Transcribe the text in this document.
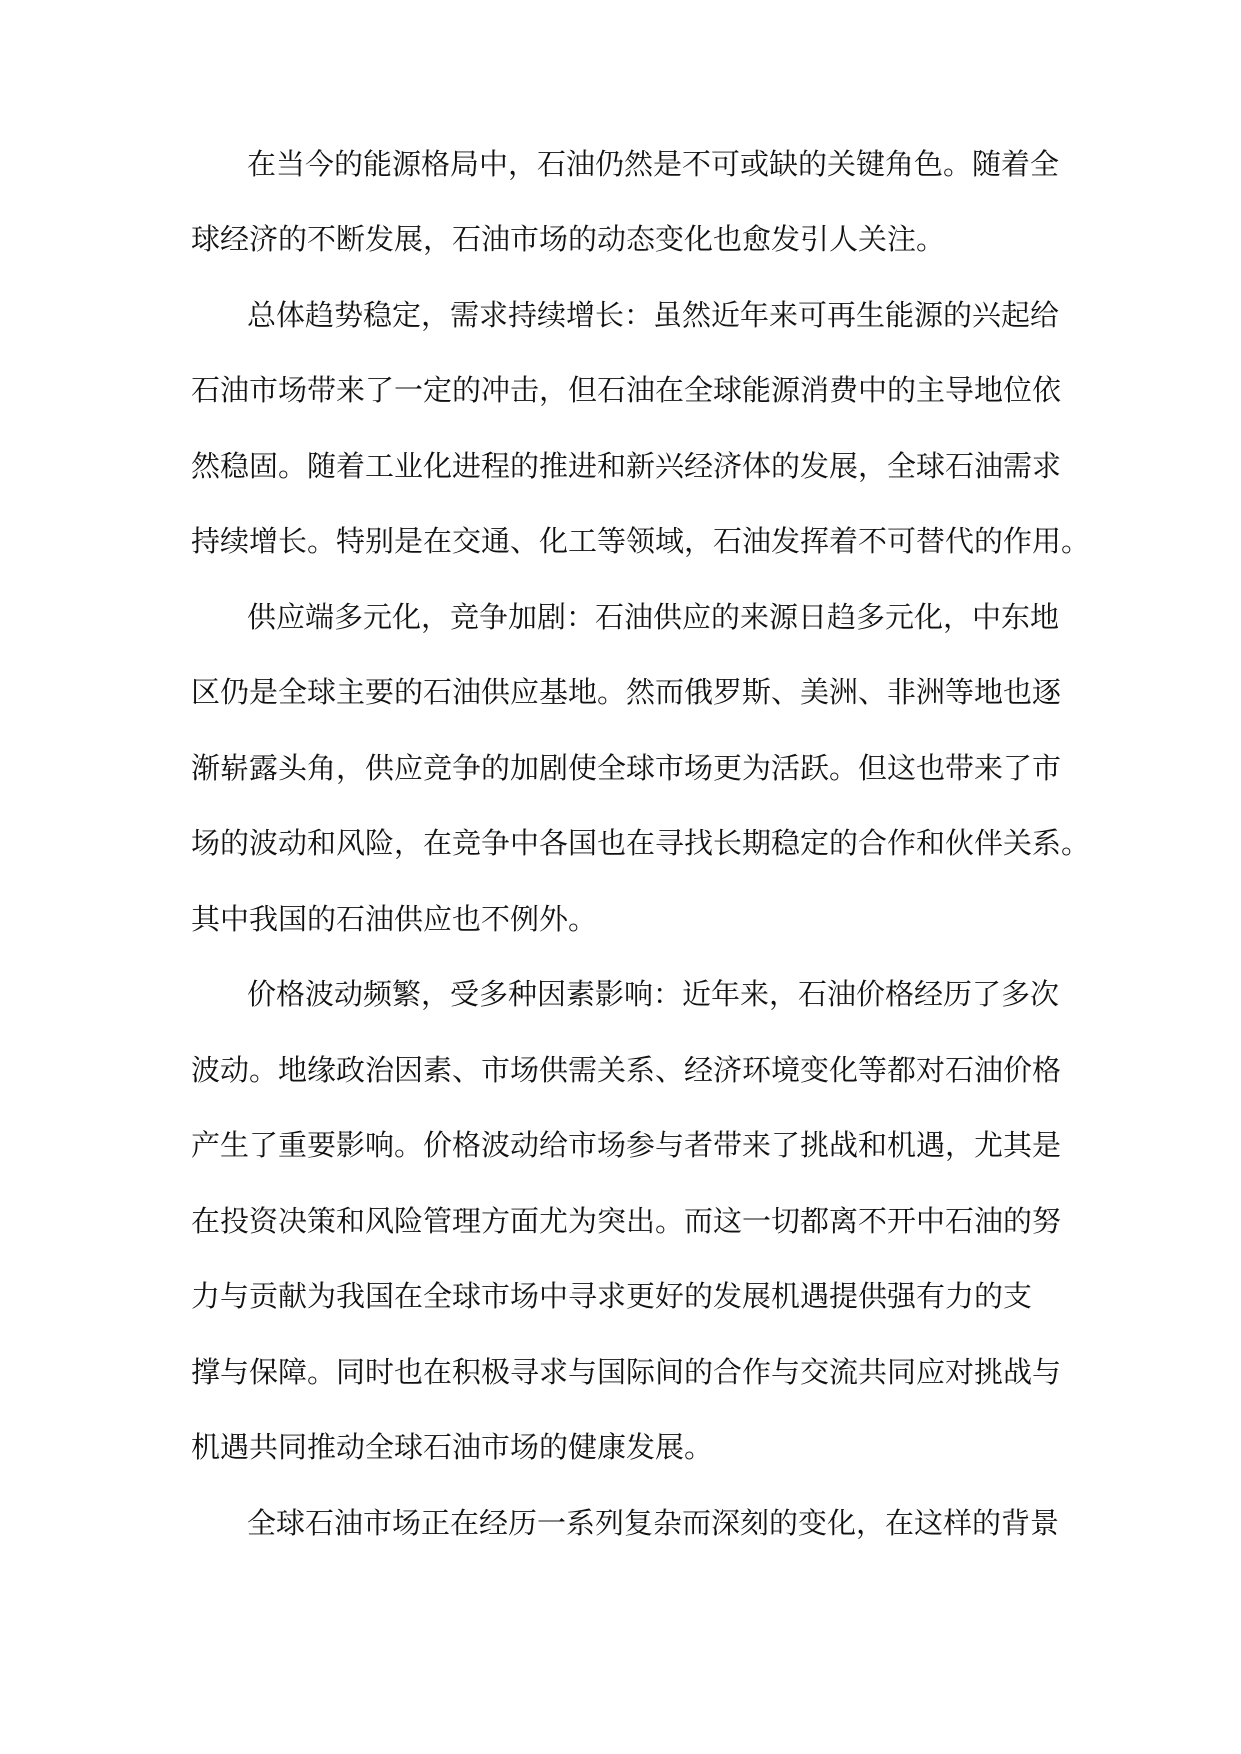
在当今的能源格局中，石油仍然是不可或缺的关键角色。随着全
球经济的不断发展，石油市场的动态变化也愈发引人关注。
总体趋势稳定，需求持续增长：虽然近年来可再生能源的兴起给
石油市场带来了一定的冲击，但石油在全球能源消费中的主导地位依
然稳固。随着工业化进程的推进和新兴经济体的发展，全球石油需求
持续增长。特别是在交通、化工等领域，石油发挥着不可替代的作用。
供应端多元化，竞争加剧：石油供应的来源日趋多元化，中东地
区仍是全球主要的石油供应基地。然而俄罗斯、美洲、非洲等地也逐
渐崭露头角，供应竞争的加剧使全球市场更为活跃。但这也带来了市
场的波动和风险，在竞争中各国也在寻找长期稳定的合作和伙伴关系。
其中我国的石油供应也不例外。
价格波动频繁，受多种因素影响：近年来，石油价格经历了多次
波动。地缘政治因素、市场供需关系、经济环境变化等都对石油价格
产生了重要影响。价格波动给市场参与者带来了挑战和机遇，尤其是
在投资决策和风险管理方面尤为突出。而这一切都离不开中石油的努
力与贡献为我国在全球市场中寻求更好的发展机遇提供强有力的支
撑与保障。同时也在积极寻求与国际间的合作与交流共同应对挑战与
机遇共同推动全球石油市场的健康发展。
全球石油市场正在经历一系列复杂而深刻的变化，在这样的背景
